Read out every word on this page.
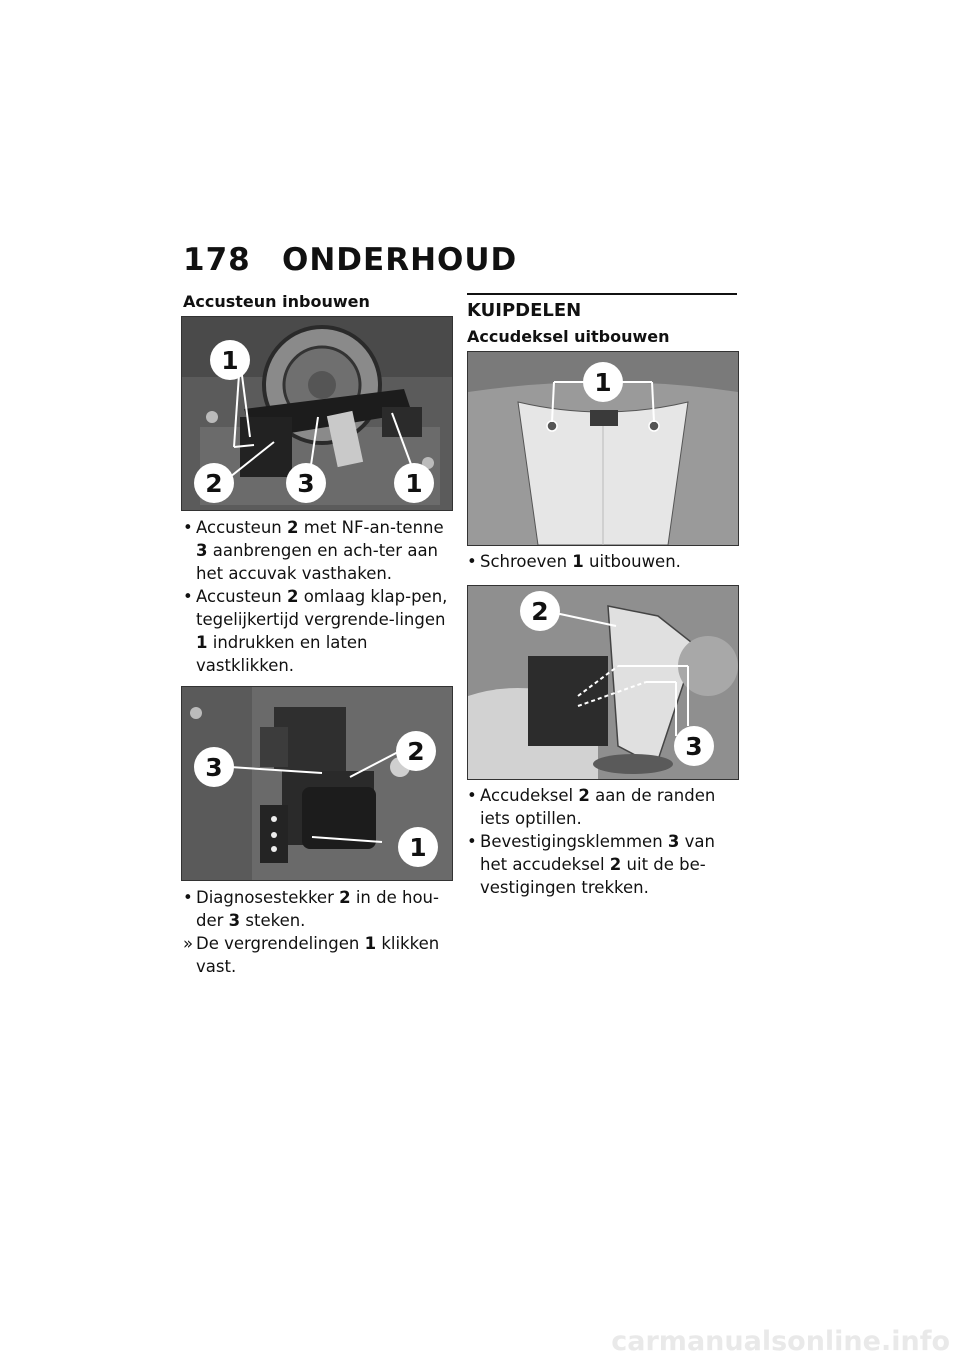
178 ONDERHOUD
Accusteun inbouwen
1
2	3	1
• Accusteun 2 met NF-an-tenne 3 aanbrengen en ach-ter aan het accuvak vasthaken.
• Accusteun 2 omlaag klap-pen, tegelijkertijd vergrende-lingen 1 indrukken en laten vastklikken.
3
2
1
• Diagnosestekker 2 in de hou-der 3 steken.
» De vergrendelingen 1 klikken vast.
KUIPDELEN
Accudeksel uitbouwen
1
• Schroeven 1 uitbouwen.
2
3
• Accudeksel 2 aan de randen iets optillen.
• Bevestigingsklemmen 3 van het accudeksel 2 uit de be-vestigingen trekken.
carmanualsonline.info
